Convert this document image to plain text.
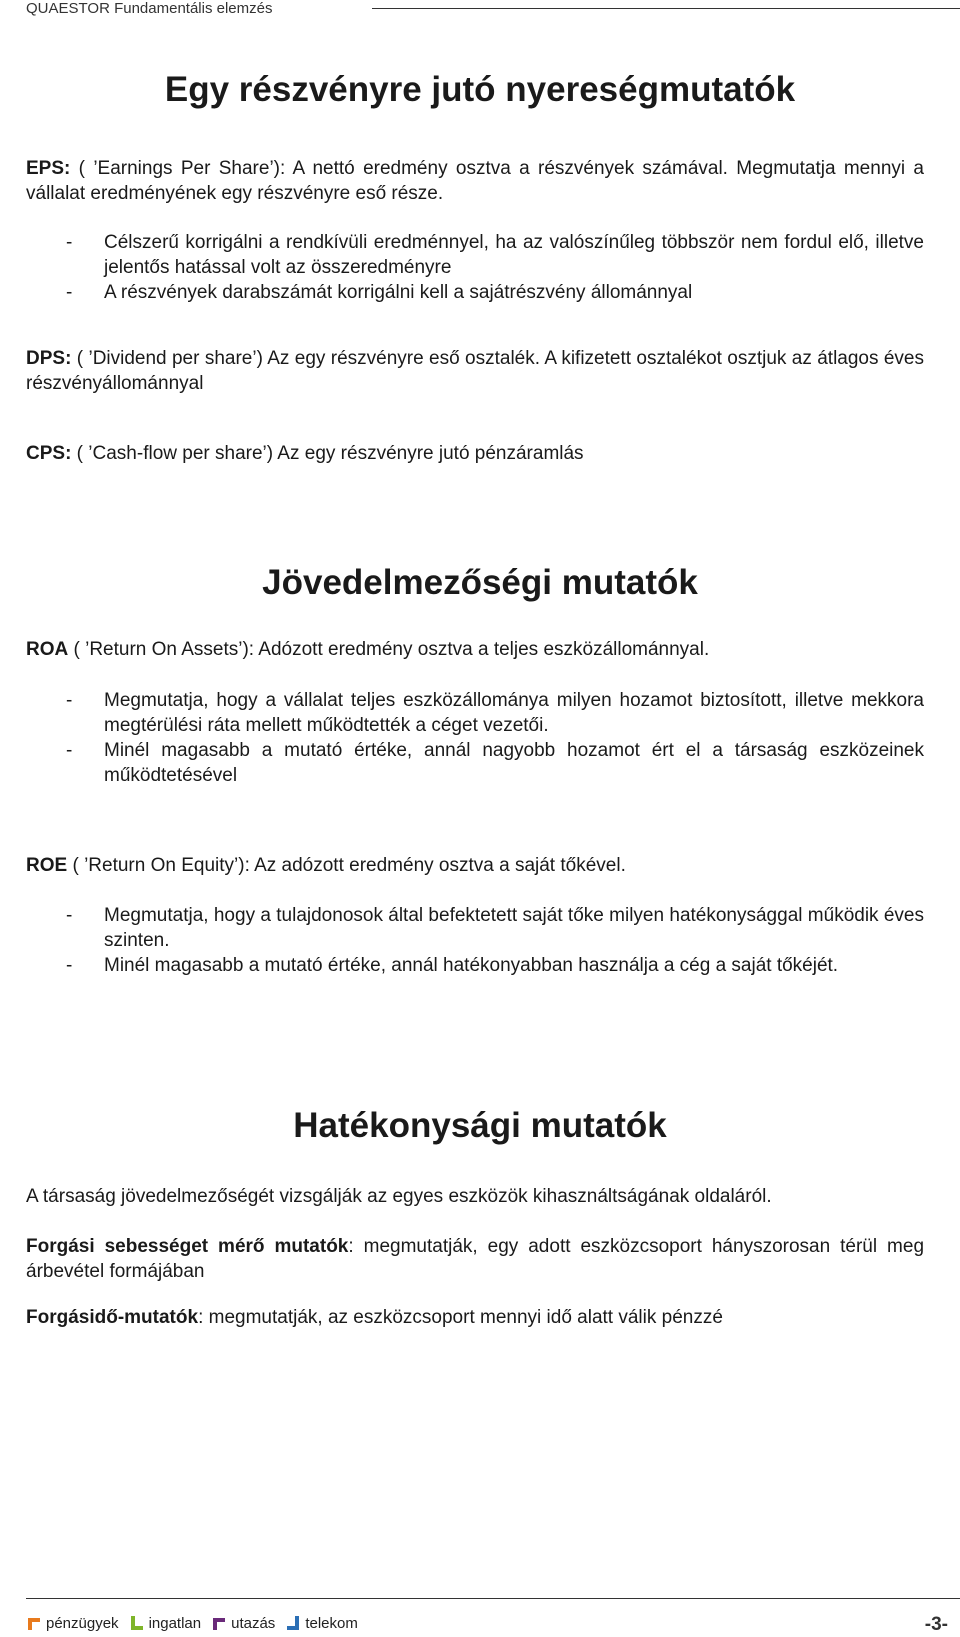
QUAESTOR Fundamentális elemzés
Egy részvényre jutó nyereségmutatók
EPS: ( ’Earnings Per Share’): A nettó eredmény osztva a részvények számával. Megmutatja mennyi a vállalat eredményének egy részvényre eső része.
- Célszerű korrigálni a rendkívüli eredménnyel, ha az valószínűleg többször nem fordul elő, illetve jelentős hatással volt az összeredményre
- A részvények darabszámát korrigálni kell a sajátrészvény állománnyal
DPS: ( ’Dividend per share’) Az egy részvényre eső osztalék. A kifizetett osztalékot osztjuk az átlagos éves részvényállománnyal
CPS: ( ’Cash-flow per share’) Az egy részvényre jutó pénzáramlás
Jövedelmezőségi mutatók
ROA ( ’Return On Assets’): Adózott eredmény osztva a teljes eszközállománnyal.
- Megmutatja, hogy a vállalat teljes eszközállománya milyen hozamot biztosított, illetve mekkora megtérülési ráta mellett működtették a céget vezetői.
- Minél magasabb a mutató értéke, annál nagyobb hozamot ért el a társaság eszközeinek működtetésével
ROE ( ’Return On Equity’): Az adózott eredmény osztva a saját tőkével.
- Megmutatja, hogy a tulajdonosok által befektetett saját tőke milyen hatékonysággal működik éves szinten.
- Minél magasabb a mutató értéke, annál hatékonyabban használja a cég a saját tőkéjét.
Hatékonysági mutatók
A társaság jövedelmezőségét vizsgálják az egyes eszközök kihasználtságának oldaláról.
Forgási sebességet mérő mutatók: megmutatják, egy adott eszközcsoport hányszorosan térül meg árbevétel formájában
Forgásidő-mutatók: megmutatják, az eszközcsoport mennyi idő alatt válik pénzzé
pénzügyek ingatlan utazás telekom	-3-
